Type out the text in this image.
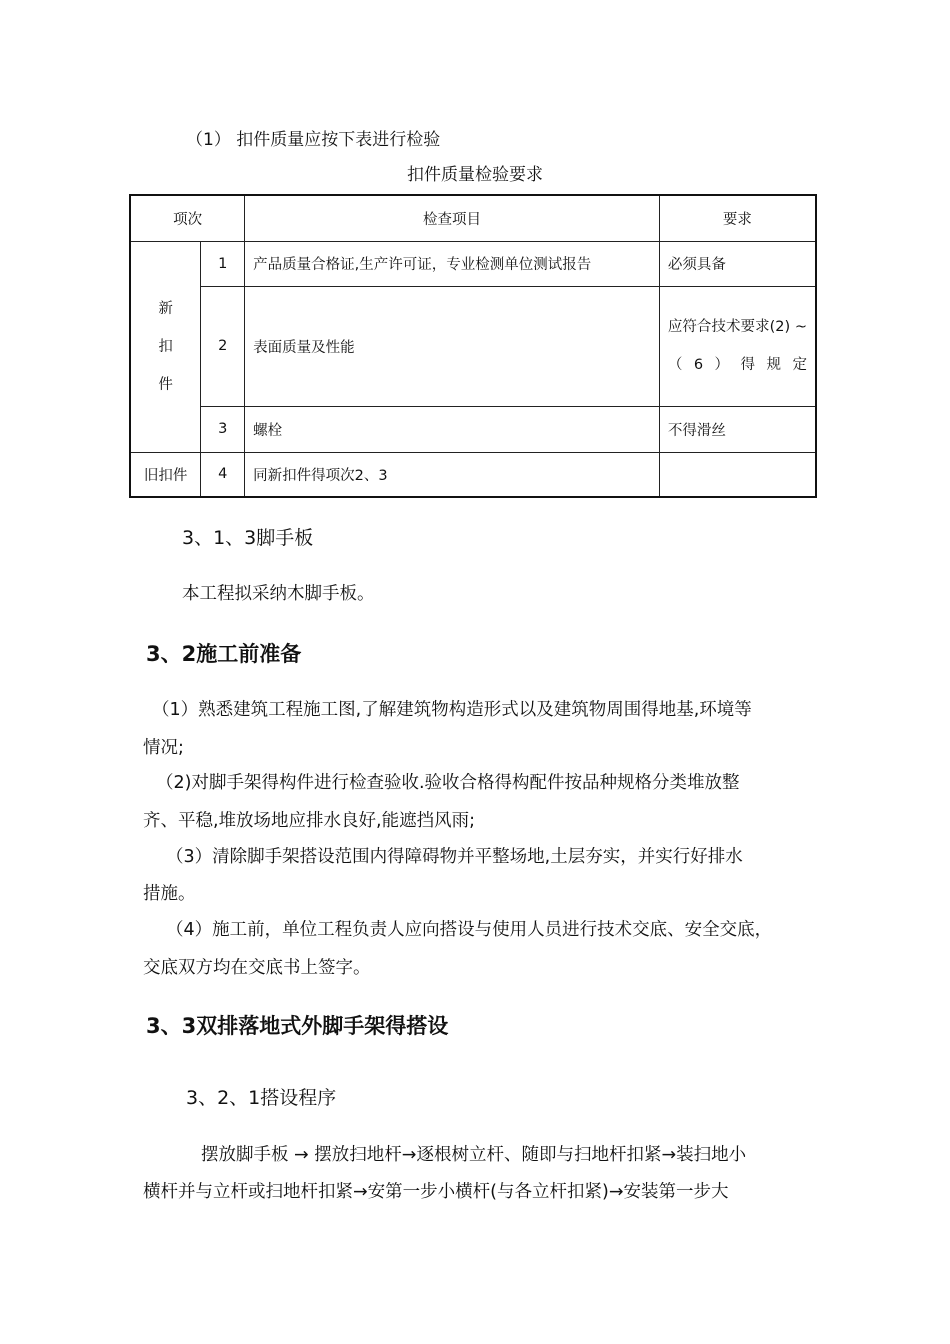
（1） 扣件质量应按下表进行检验
扣件质量检验要求
项次		检查项目	要求

新
扣
件	1	产品质量合格证,生产许可证，专业检测单位测试报告	必须具备
	2	表面质量及性能	应符合技术要求(2) ~（6）得规定
	3	螺栓	不得滑丝
旧扣件	4	同新扣件得项次2、3	
3、1、3脚手板
本工程拟采纳木脚手板。
3、2施工前准备
（1）熟悉建筑工程施工图,了解建筑物构造形式以及建筑物周围得地基,环境等
情况;
（2)对脚手架得构件进行检查验收.验收合格得构配件按品种规格分类堆放整
齐、平稳,堆放场地应排水良好,能遮挡风雨;
（3）清除脚手架搭设范围内得障碍物并平整场地,土层夯实，并实行好排水
措施。
（4）施工前，单位工程负责人应向搭设与使用人员进行技术交底、安全交底，
交底双方均在交底书上签字。
3、3双排落地式外脚手架得搭设
3、2、1搭设程序
摆放脚手板 → 摆放扫地杆→逐根树立杆、随即与扫地杆扣紧→装扫地小
横杆并与立杆或扫地杆扣紧→安第一步小横杆(与各立杆扣紧)→安装第一步大
